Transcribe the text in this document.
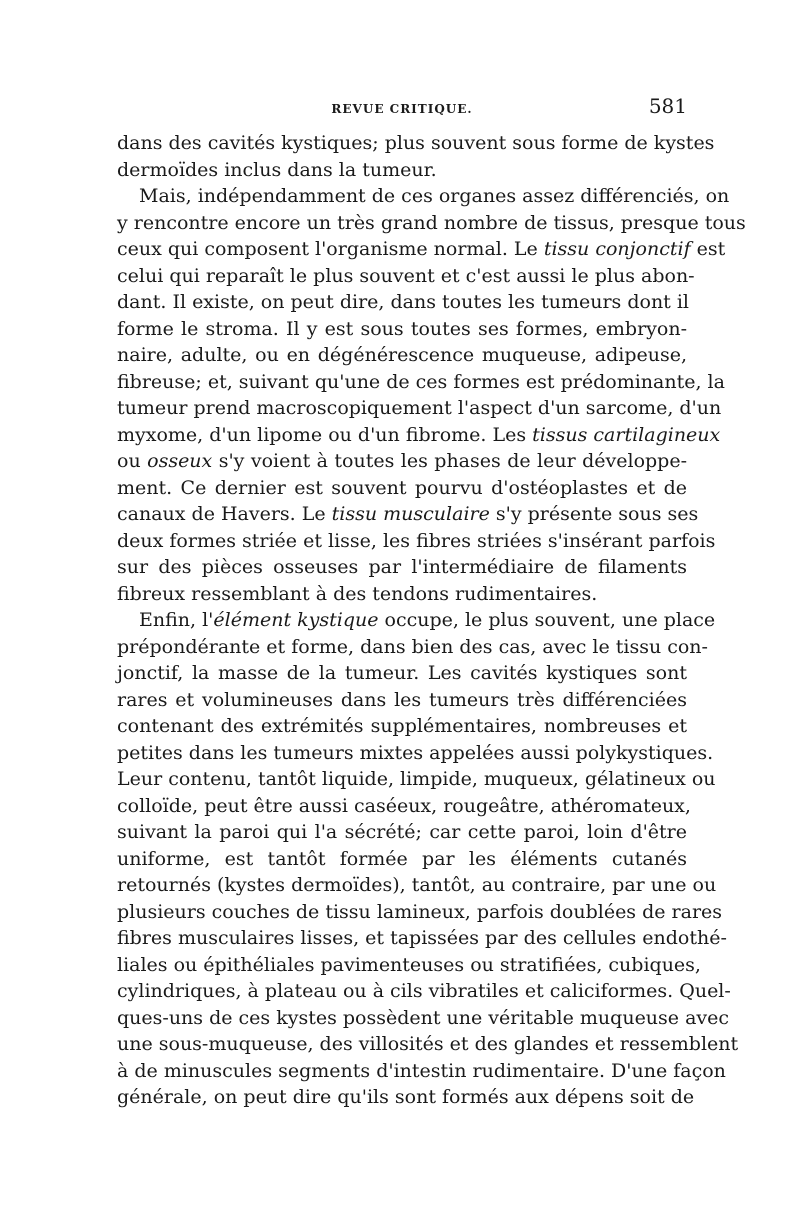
REVUE CRITIQUE.	581
dans des cavités kystiques; plus souvent sous forme de kystes
dermoïdes inclus dans la tumeur.
Mais, indépendamment de ces organes assez différenciés, on
y rencontre encore un très grand nombre de tissus, presque tous
ceux qui composent l'organisme normal. Le tissu conjonctif est
celui qui reparaît le plus souvent et c'est aussi le plus abon-
dant. Il existe, on peut dire, dans toutes les tumeurs dont il
forme le stroma. Il y est sous toutes ses formes, embryon-
naire, adulte, ou en dégénérescence muqueuse, adipeuse,
fibreuse; et, suivant qu'une de ces formes est prédominante, la
tumeur prend macroscopiquement l'aspect d'un sarcome, d'un
myxome, d'un lipome ou d'un fibrome. Les tissus cartilagineux
ou osseux s'y voient à toutes les phases de leur développe-
ment. Ce dernier est souvent pourvu d'ostéoplastes et de
canaux de Havers. Le tissu musculaire s'y présente sous ses
deux formes striée et lisse, les fibres striées s'insérant parfois
sur des pièces osseuses par l'intermédiaire de filaments
fibreux ressemblant à des tendons rudimentaires.
Enfin, l'élément kystique occupe, le plus souvent, une place
prépondérante et forme, dans bien des cas, avec le tissu con-
jonctif, la masse de la tumeur. Les cavités kystiques sont
rares et volumineuses dans les tumeurs très différenciées
contenant des extrémités supplémentaires, nombreuses et
petites dans les tumeurs mixtes appelées aussi polykystiques.
Leur contenu, tantôt liquide, limpide, muqueux, gélatineux ou
colloïde, peut être aussi caséeux, rougeâtre, athéromateux,
suivant la paroi qui l'a sécrété; car cette paroi, loin d'être
uniforme, est tantôt formée par les éléments cutanés
retournés (kystes dermoïdes), tantôt, au contraire, par une ou
plusieurs couches de tissu lamineux, parfois doublées de rares
fibres musculaires lisses, et tapissées par des cellules endothé-
liales ou épithéliales pavimenteuses ou stratifiées, cubiques,
cylindriques, à plateau ou à cils vibratiles et caliciformes. Quel-
ques-uns de ces kystes possèdent une véritable muqueuse avec
une sous-muqueuse, des villosités et des glandes et ressemblent
à de minuscules segments d'intestin rudimentaire. D'une façon
générale, on peut dire qu'ils sont formés aux dépens soit de
